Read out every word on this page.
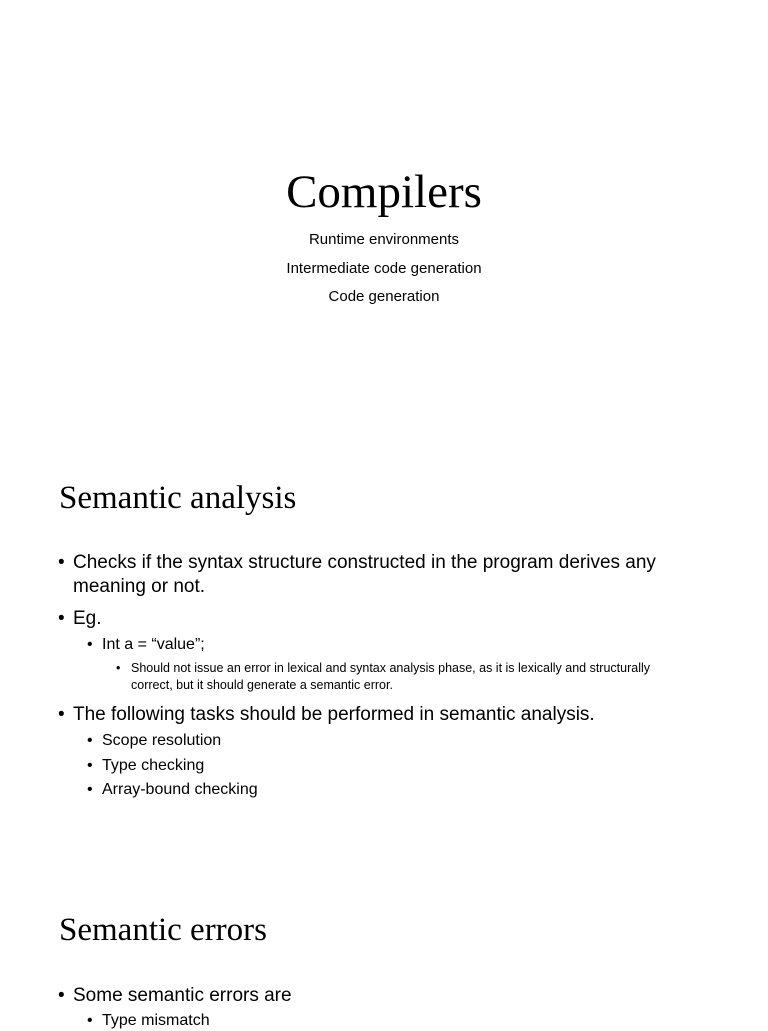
Compilers
Runtime environments
Intermediate code generation
Code generation
Semantic analysis
• Checks if the syntax structure constructed in the program derives any meaning or not.
• Eg.
• Int a = “value”;
• Should not issue an error in lexical and syntax analysis phase, as it is lexically and structurally correct, but it should generate a semantic error.
• The following tasks should be performed in semantic analysis.
• Scope resolution
• Type checking
• Array-bound checking
Semantic errors
• Some semantic errors are
• Type mismatch
